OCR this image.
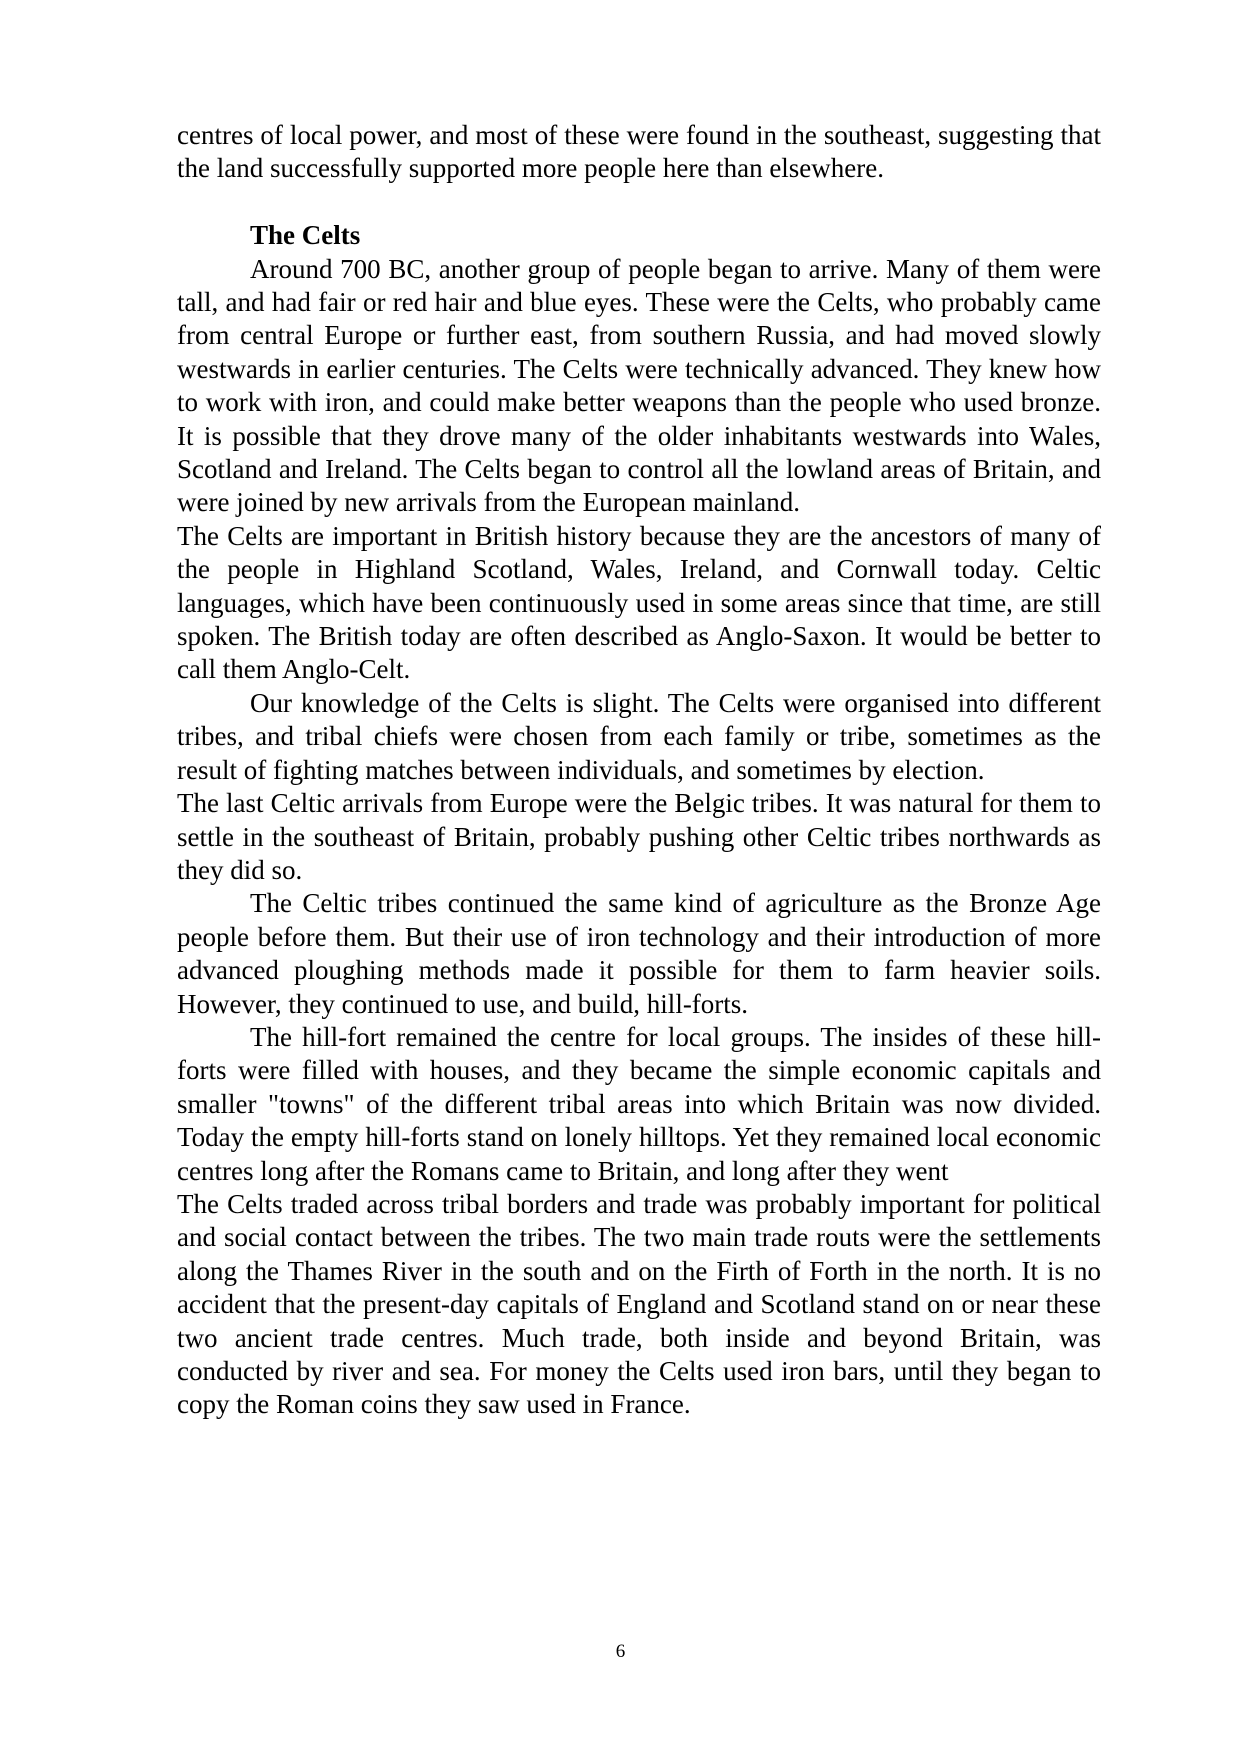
centres of local power, and most of these were found in the southeast, suggesting that the land successfully supported more people here than elsewhere.

The Celts

Around 700 BC, another group of people began to arrive. Many of them were tall, and had fair or red hair and blue eyes. These were the Celts, who probably came from central Europe or further east, from southern Russia, and had moved slowly westwards in earlier centuries. The Celts were technically advanced. They knew how to work with iron, and could make better weapons than the people who used bronze. It is possible that they drove many of the older inhabitants westwards into Wales, Scotland and Ireland. The Celts began to control all the lowland areas of Britain, and were joined by new arrivals from the European mainland.

The Celts are important in British history because they are the ancestors of many of the people in Highland Scotland, Wales, Ireland, and Cornwall today. Celtic languages, which have been continuously used in some areas since that time, are still spoken. The British today are often described as Anglo-Saxon. It would be better to call them Anglo-Celt.

Our knowledge of the Celts is slight. The Celts were organised into different tribes, and tribal chiefs were chosen from each family or tribe, sometimes as the result of fighting matches between individuals, and sometimes by election.

The last Celtic arrivals from Europe were the Belgic tribes. It was natural for them to settle in the southeast of Britain, probably pushing other Celtic tribes northwards as they did so.

The Celtic tribes continued the same kind of agriculture as the Bronze Age people before them. But their use of iron technology and their introduction of more advanced ploughing methods made it possible for them to farm heavier soils. However, they continued to use, and build, hill-forts.

The hill-fort remained the centre for local groups. The insides of these hill-forts were filled with houses, and they became the simple economic capitals and smaller "towns" of the different tribal areas into which Britain was now divided. Today the empty hill-forts stand on lonely hilltops. Yet they remained local economic centres long after the Romans came to Britain, and long after they went

The Celts traded across tribal borders and trade was probably important for political and social contact between the tribes. The two main trade routs were the settlements along the Thames River in the south and on the Firth of Forth in the north. It is no accident that the present-day capitals of England and Scotland stand on or near these two ancient trade centres. Much trade, both inside and beyond Britain, was conducted by river and sea. For money the Celts used iron bars, until they began to copy the Roman coins they saw used in France.

6
